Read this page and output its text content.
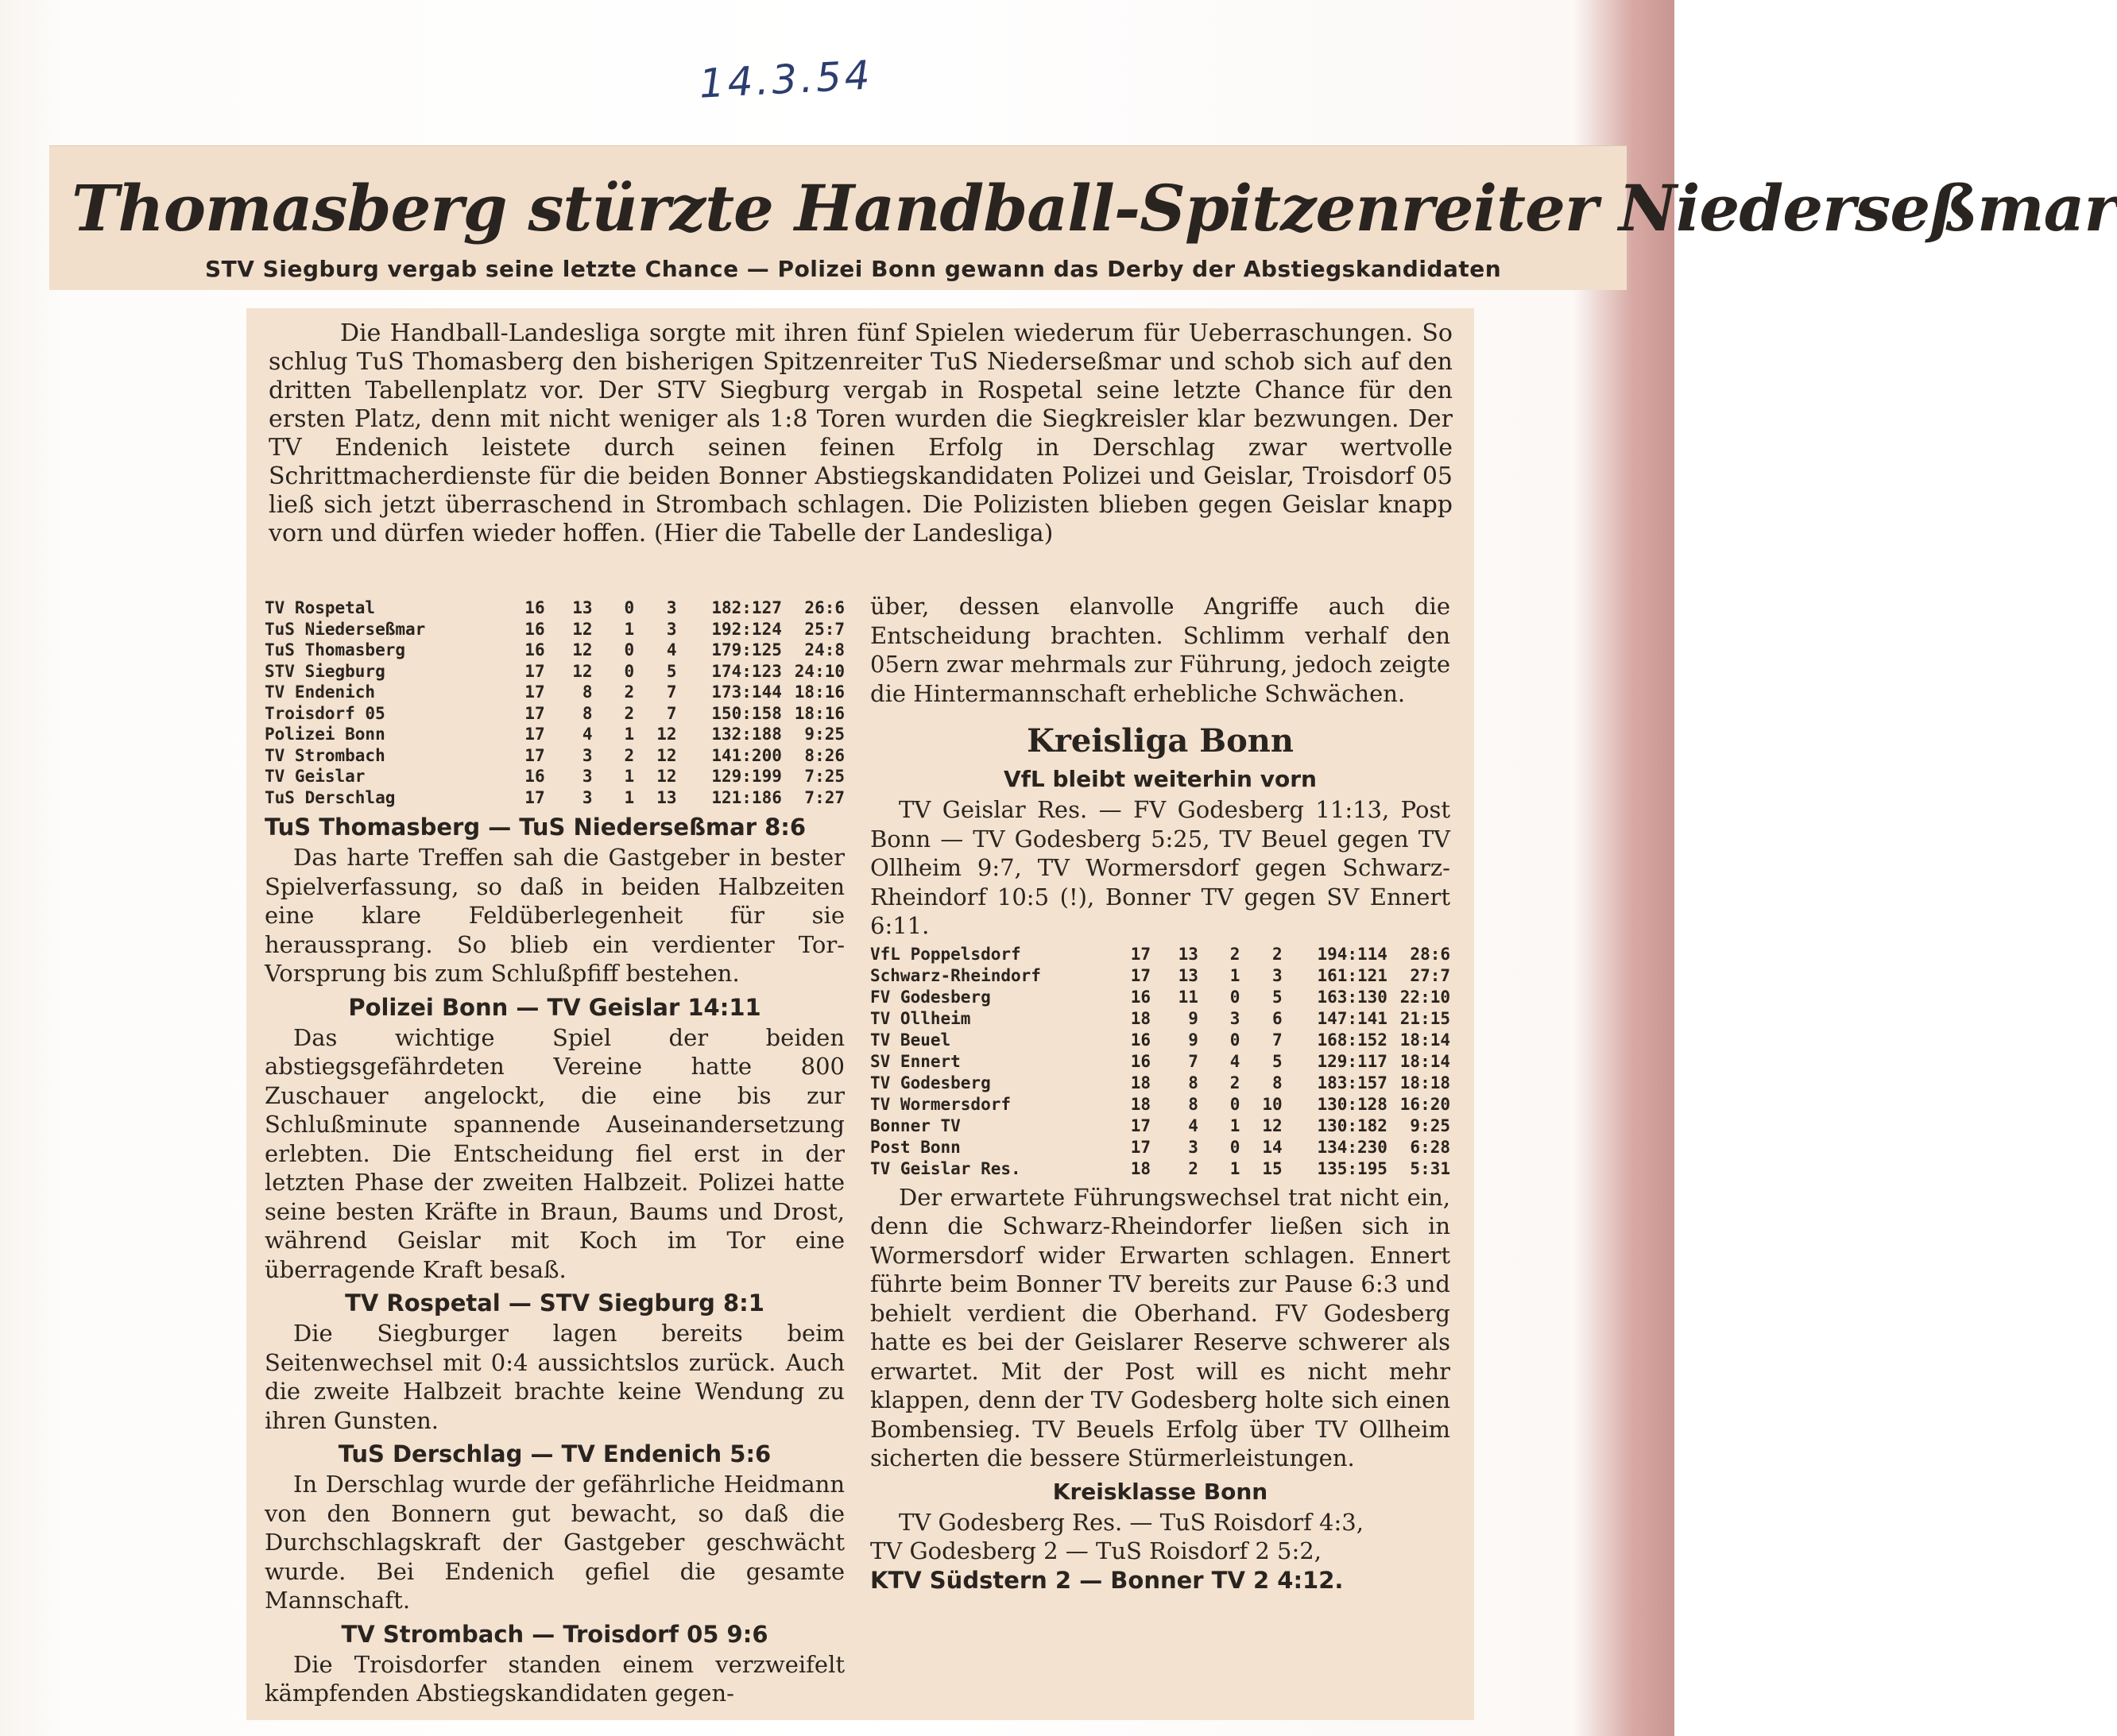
14.3.54
Thomasberg stürzte Handball-Spitzenreiter Niederseßmar
STV Siegburg vergab seine letzte Chance — Polizei Bonn gewann das Derby der Abstiegskandidaten

Die Handball-Landesliga sorgte mit ihren fünf Spielen wiederum für Ueberraschungen. So schlug TuS Thomasberg den bisherigen Spitzenreiter TuS Niederseßmar und schob sich auf den dritten Tabellenplatz vor. Der STV Siegburg vergab in Rospetal seine letzte Chance für den ersten Platz, denn mit nicht weniger als 1:8 Toren wurden die Siegkreisler klar bezwungen. Der TV Endenich leistete durch seinen feinen Erfolg in Derschlag zwar wertvolle Schrittmacherdienste für die beiden Bonner Abstiegskandidaten Polizei und Geislar, Troisdorf 05 ließ sich jetzt überraschend in Strombach schlagen. Die Polizisten blieben gegen Geislar knapp vorn und dürfen wieder hoffen. (Hier die Tabelle der Landesliga)

TV Rospetal	16	13	0	3	182:127	26:6
TuS Niederseßmar	16	12	1	3	192:124	25:7
TuS Thomasberg	16	12	0	4	179:125	24:8
STV Siegburg	17	12	0	5	174:123	24:10
TV Endenich	17	8	2	7	173:144	18:16
Troisdorf 05	17	8	2	7	150:158	18:16
Polizei Bonn	17	4	1	12	132:188	9:25
TV Strombach	17	3	2	12	141:200	8:26
TV Geislar	16	3	1	12	129:199	7:25
TuS Derschlag	17	3	1	13	121:186	7:27
TuS Thomasberg — TuS Niederseßmar 8:6

Das harte Treffen sah die Gastgeber in bester Spielverfassung, so daß in beiden Halbzeiten eine klare Feldüberlegenheit für sie heraussprang. So blieb ein verdienter Tor-Vorsprung bis zum Schlußpfiff bestehen.

Polizei Bonn — TV Geislar 14:11

Das wichtige Spiel der beiden abstiegsgefährdeten Vereine hatte 800 Zuschauer angelockt, die eine bis zur Schlußminute spannende Auseinandersetzung erlebten. Die Entscheidung fiel erst in der letzten Phase der zweiten Halbzeit. Polizei hatte seine besten Kräfte in Braun, Baums und Drost, während Geislar mit Koch im Tor eine überragende Kraft besaß.

TV Rospetal — STV Siegburg 8:1

Die Siegburger lagen bereits beim Seitenwechsel mit 0:4 aussichtslos zurück. Auch die zweite Halbzeit brachte keine Wendung zu ihren Gunsten.

TuS Derschlag — TV Endenich 5:6

In Derschlag wurde der gefährliche Heidmann von den Bonnern gut bewacht, so daß die Durchschlagskraft der Gastgeber geschwächt wurde. Bei Endenich gefiel die gesamte Mannschaft.

TV Strombach — Troisdorf 05 9:6

Die Troisdorfer standen einem verzweifelt kämpfenden Abstiegskandidaten gegen-

über, dessen elanvolle Angriffe auch die Entscheidung brachten. Schlimm verhalf den 05ern zwar mehrmals zur Führung, jedoch zeigte die Hintermannschaft erhebliche Schwächen.

Kreisliga Bonn
VfL bleibt weiterhin vorn

TV Geislar Res. — FV Godesberg 11:13, Post Bonn — TV Godesberg 5:25, TV Beuel gegen TV Ollheim 9:7, TV Wormersdorf gegen Schwarz-Rheindorf 10:5 (!), Bonner TV gegen SV Ennert 6:11.

VfL Poppelsdorf	17	13	2	2	194:114	28:6
Schwarz-Rheindorf	17	13	1	3	161:121	27:7
FV Godesberg	16	11	0	5	163:130	22:10
TV Ollheim	18	9	3	6	147:141	21:15
TV Beuel	16	9	0	7	168:152	18:14
SV Ennert	16	7	4	5	129:117	18:14
TV Godesberg	18	8	2	8	183:157	18:18
TV Wormersdorf	18	8	0	10	130:128	16:20
Bonner TV	17	4	1	12	130:182	9:25
Post Bonn	17	3	0	14	134:230	6:28
TV Geislar Res.	18	2	1	15	135:195	5:31

Der erwartete Führungswechsel trat nicht ein, denn die Schwarz-Rheindorfer ließen sich in Wormersdorf wider Erwarten schlagen. Ennert führte beim Bonner TV bereits zur Pause 6:3 und behielt verdient die Oberhand. FV Godesberg hatte es bei der Geislarer Reserve schwerer als erwartet. Mit der Post will es nicht mehr klappen, denn der TV Godesberg holte sich einen Bombensieg. TV Beuels Erfolg über TV Ollheim sicherten die bessere Stürmerleistungen.

Kreisklasse Bonn

TV Godesberg Res. — TuS Roisdorf 4:3,

TV Godesberg 2 — TuS Roisdorf 2 5:2,

KTV Südstern 2 — Bonner TV 2 4:12.
